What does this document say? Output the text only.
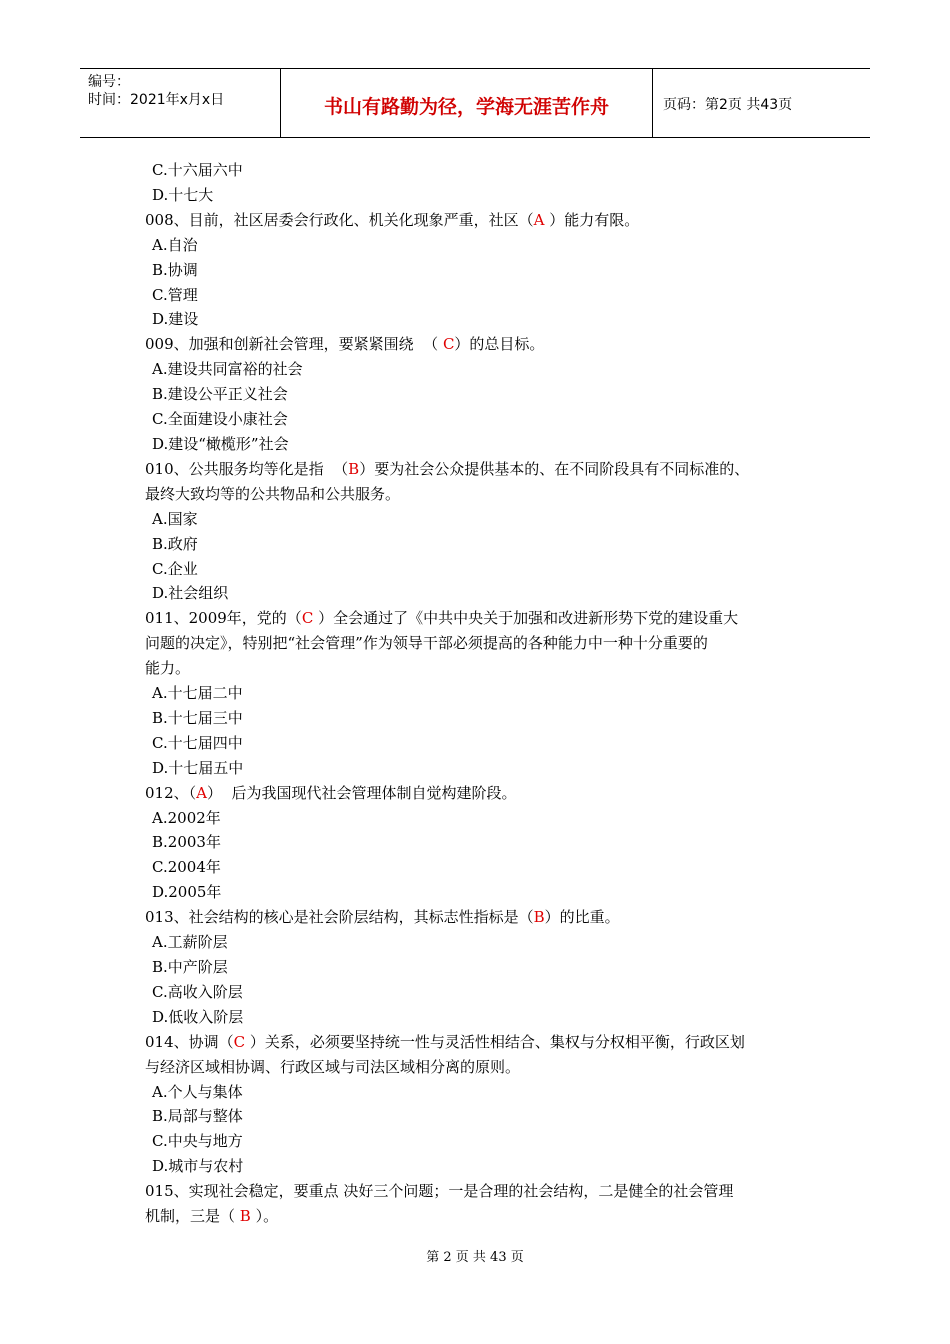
编号：
时间：2021年x月x日	书山有路勤为径，学海无涯苦作舟	页码：第2页 共43页
C.十六届六中
D.十七大
008、目前，社区居委会行政化、机关化现象严重，社区（A ）能力有限。
A.自治
B.协调
C.管理
D.建设
009、加强和创新社会管理，要紧紧围绕  （ C）的总目标。
A.建设共同富裕的社会
B.建设公平正义社会
C.全面建设小康社会
D.建设“橄榄形”社会
010、公共服务均等化是指  （B）要为社会公众提供基本的、在不同阶段具有不同标准的、
最终大致均等的公共物品和公共服务。
A.国家
B.政府
C.企业
D.社会组织
011、2009年，党的（C ）全会通过了《中共中央关于加强和改进新形势下党的建设重大
问题的决定》，特别把“社会管理”作为领导干部必须提高的各种能力中一种十分重要的
能力。
A.十七届二中
B.十七届三中
C.十七届四中
D.十七届五中
012、（A）  后为我国现代社会管理体制自觉构建阶段。
A.2002年
B.2003年
C.2004年
D.2005年
013、社会结构的核心是社会阶层结构，其标志性指标是（B）的比重。
A.工薪阶层
B.中产阶层
C.高收入阶层
D.低收入阶层
014、协调（C ）关系，必须要坚持统一性与灵活性相结合、集权与分权相平衡，行政区划
与经济区域相协调、行政区域与司法区域相分离的原则。
A.个人与集体
B.局部与整体
C.中央与地方
D.城市与农村
015、实现社会稳定，要重点 决好三个问题；一是合理的社会结构，二是健全的社会管理
机制，三是（ B ）。
第 2 页 共 43 页
